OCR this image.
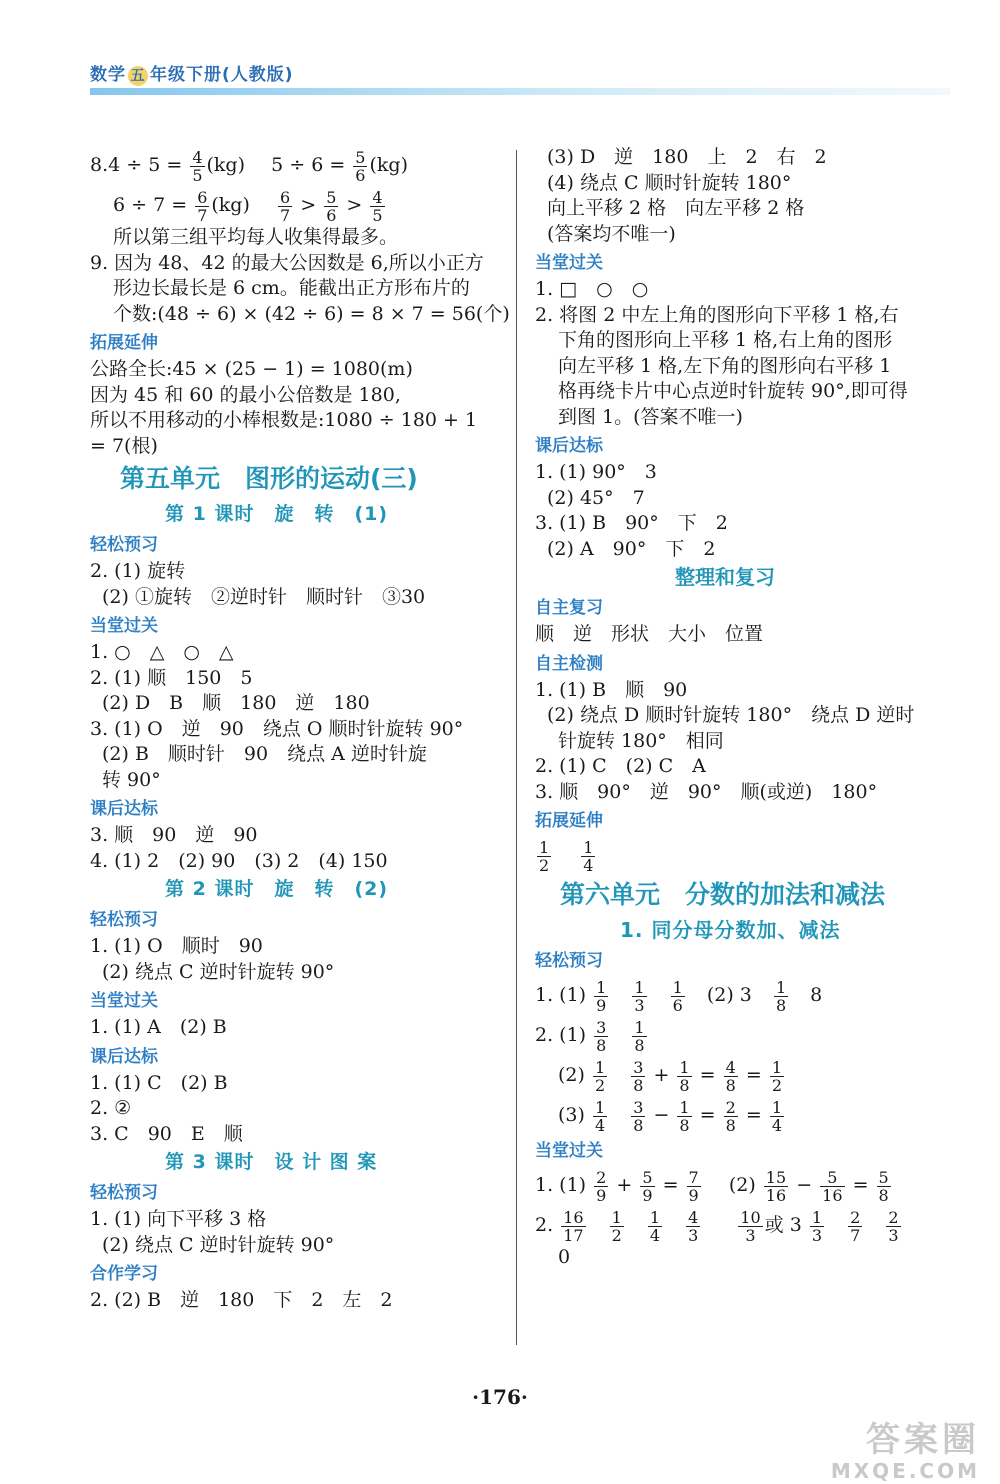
数学 五 年级下册(人教版)
$8.4 \div 5 = \frac{4}{5} (kg) 5 \div 6 = \frac{5}{6} (kg)$
$6 \div 7 = \frac{6}{7} (kg) \frac{6}{7} > \frac{5}{6} > \frac{4}{5}$
所以第三组平均每人收集得最多。
9. 因为 48、42 的最大公因数是 6,所以小正方
形边长最长是 6 cm。能截出正方形布片的
个数:(48 ÷ 6) × (42 ÷ 6) = 8 × 7 = 56(个)
拓展延伸
公路全长:45 × (25 − 1) = 1080(m)
因为 45 和 60 的最小公倍数是 180,
所以不用移动的小棒根数是:1080 ÷ 180 + 1
= 7(根)
第五单元　图形的运动(三)
第 1 课时　旋　转　(1)
轻松预习
2. (1) 旋转
(2) ①旋转　②逆时针　顺时针　③30
当堂过关
1. ○　△　○　△
2. (1) 顺　150　5
(2) D　B　顺　180　逆　180
3. (1) O　逆　90　绕点 O 顺时针旋转 90°
(2) B　顺时针　90　绕点 A 逆时针旋
转 90°
课后达标
3. 顺　90　逆　90
4. (1) 2　(2) 90　(3) 2　(4) 150
第 2 课时　旋　转　(2)
轻松预习
1. (1) O　顺时　90
(2) 绕点 C 逆时针旋转 90°
当堂过关
1. (1) A　(2) B
课后达标
1. (1) C　(2) B
2. ②
3. C　90　E　顺
第 3 课时　设 计 图 案
轻松预习
1. (1) 向下平移 3 格
(2) 绕点 C 逆时针旋转 90°
合作学习
2. (2) B　逆　180　下　2　左　2
(3) D　逆　180　上　2　右　2
(4) 绕点 C 顺时针旋转 180°
向上平移 2 格　向左平移 2 格
(答案均不唯一)
当堂过关
1. □　○　○
2. 将图 2 中左上角的图形向下平移 1 格,右
下角的图形向上平移 1 格,右上角的图形
向左平移 1 格,左下角的图形向右平移 1
格再绕卡片中心点逆时针旋转 90°,即可得
到图 1。(答案不唯一)
课后达标
1. (1) 90°　3
(2) 45°　7
3. (1) B　90°　下　2
(2) A　90°　下　2
整理和复习
自主复习
顺　逆　形状　大小　位置
自主检测
1. (1) B　顺　90
(2) 绕点 D 顺时针旋转 180°　绕点 D 逆时
针旋转 180°　相同
2. (1) C　(2) C　A
3. 顺　90°　逆　90°　顺(或逆)　180°
拓展延伸
$\frac{1}{2}$
$\frac{1}{4}$
第六单元　分数的加法和减法
1. 同分母分数加、减法
轻松预习
1. $(1) \frac{1}{9}$
$\frac{1}{3}$
$\frac{1}{6} (2)$ $3 \frac{1}{8} 8$
2. $(1) \frac{3}{8}$
$\frac{1}{8}$
$(2) \frac{1}{2}$
$\frac{3}{8} + \frac{1}{8} = \frac{4}{8} = \frac{1}{2}$
$(3) \frac{1}{4}$
$\frac{3}{8} - \frac{1}{8} = \frac{2}{8} = \frac{1}{4}$
当堂过关
1. $(1) \frac{2}{9} + \frac{5}{9} = \frac{7}{9} (2) \frac{15}{16} - \frac{5}{16} = \frac{5}{8}$
2. $\frac{16}{17}$
$\frac{1}{2}$
$\frac{1}{4}$
$\frac{4}{3}$
$\frac{10}{3}$ 或 $3 \frac{1}{3}$
$\frac{2}{7}$
$\frac{2}{3}$
0
·176·
答案圈
MXQE.COM
